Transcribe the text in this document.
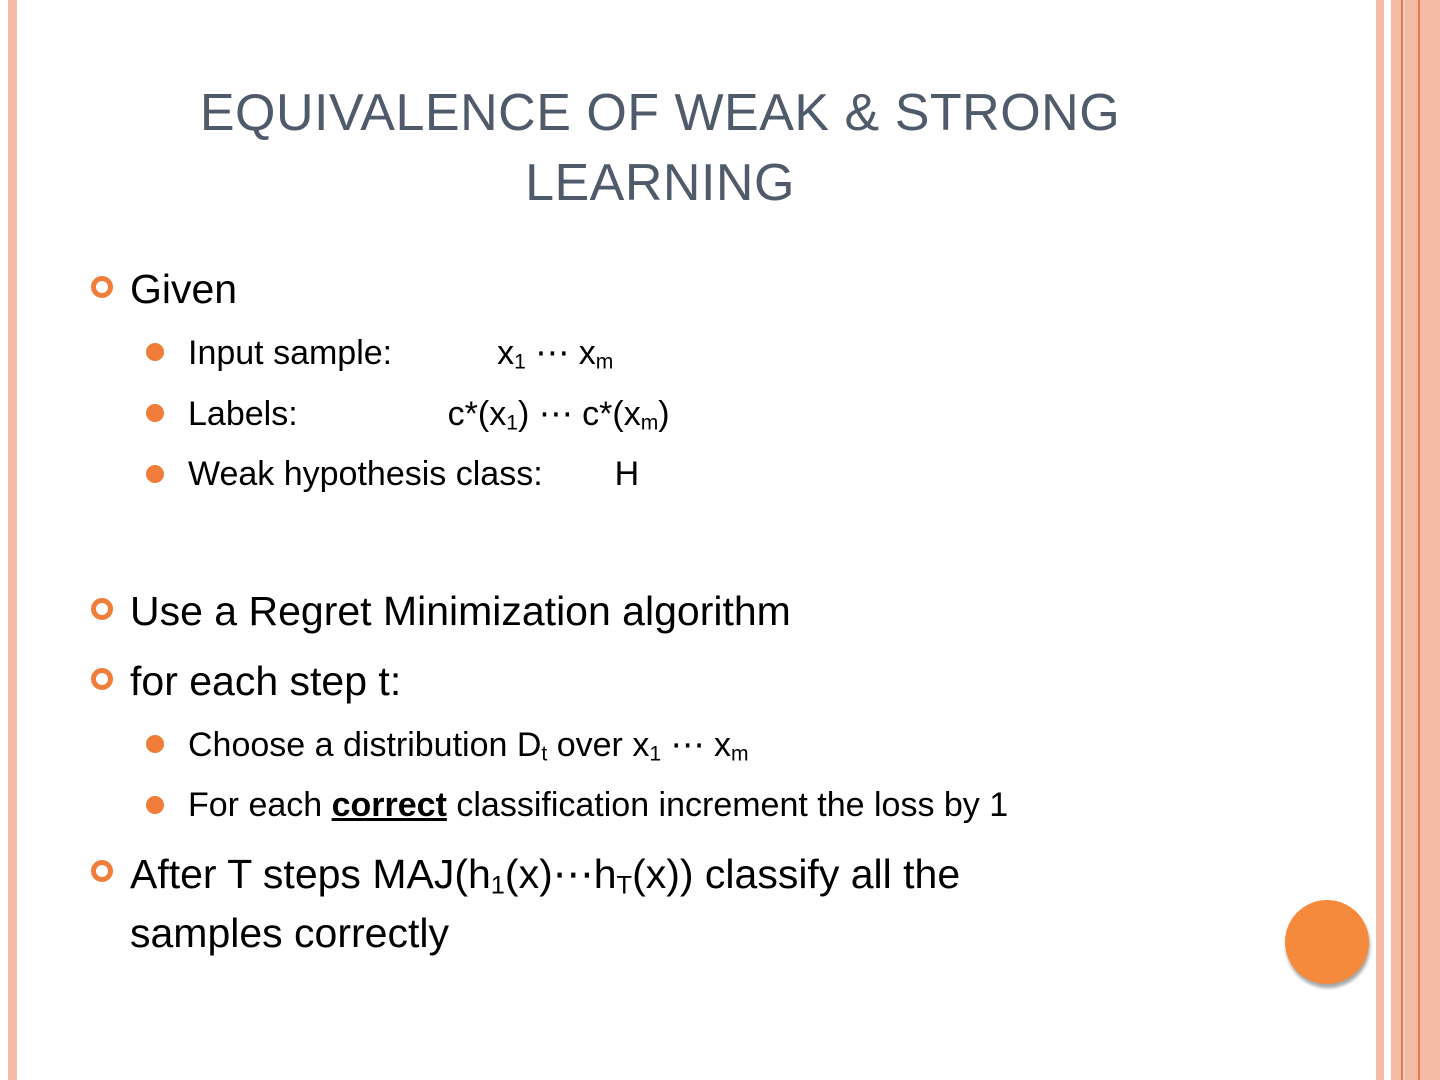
EQUIVALENCE OF WEAK & STRONG
LEARNING
Given
Input sample:	$x_1$ ⋯ $x_m$
Labels:	$c*(x_1)$ ⋯ $c*(x_m)$
Weak hypothesis class: H
Use a Regret Minimization algorithm
for each step t:
Choose a distribution $D_t$ over $x_1$ ⋯ $x_m$
For each correct classification increment the loss by 1
After T steps $MAJ(h_1(x)\cdots h_T(x))$ classify all the
samples correctly
